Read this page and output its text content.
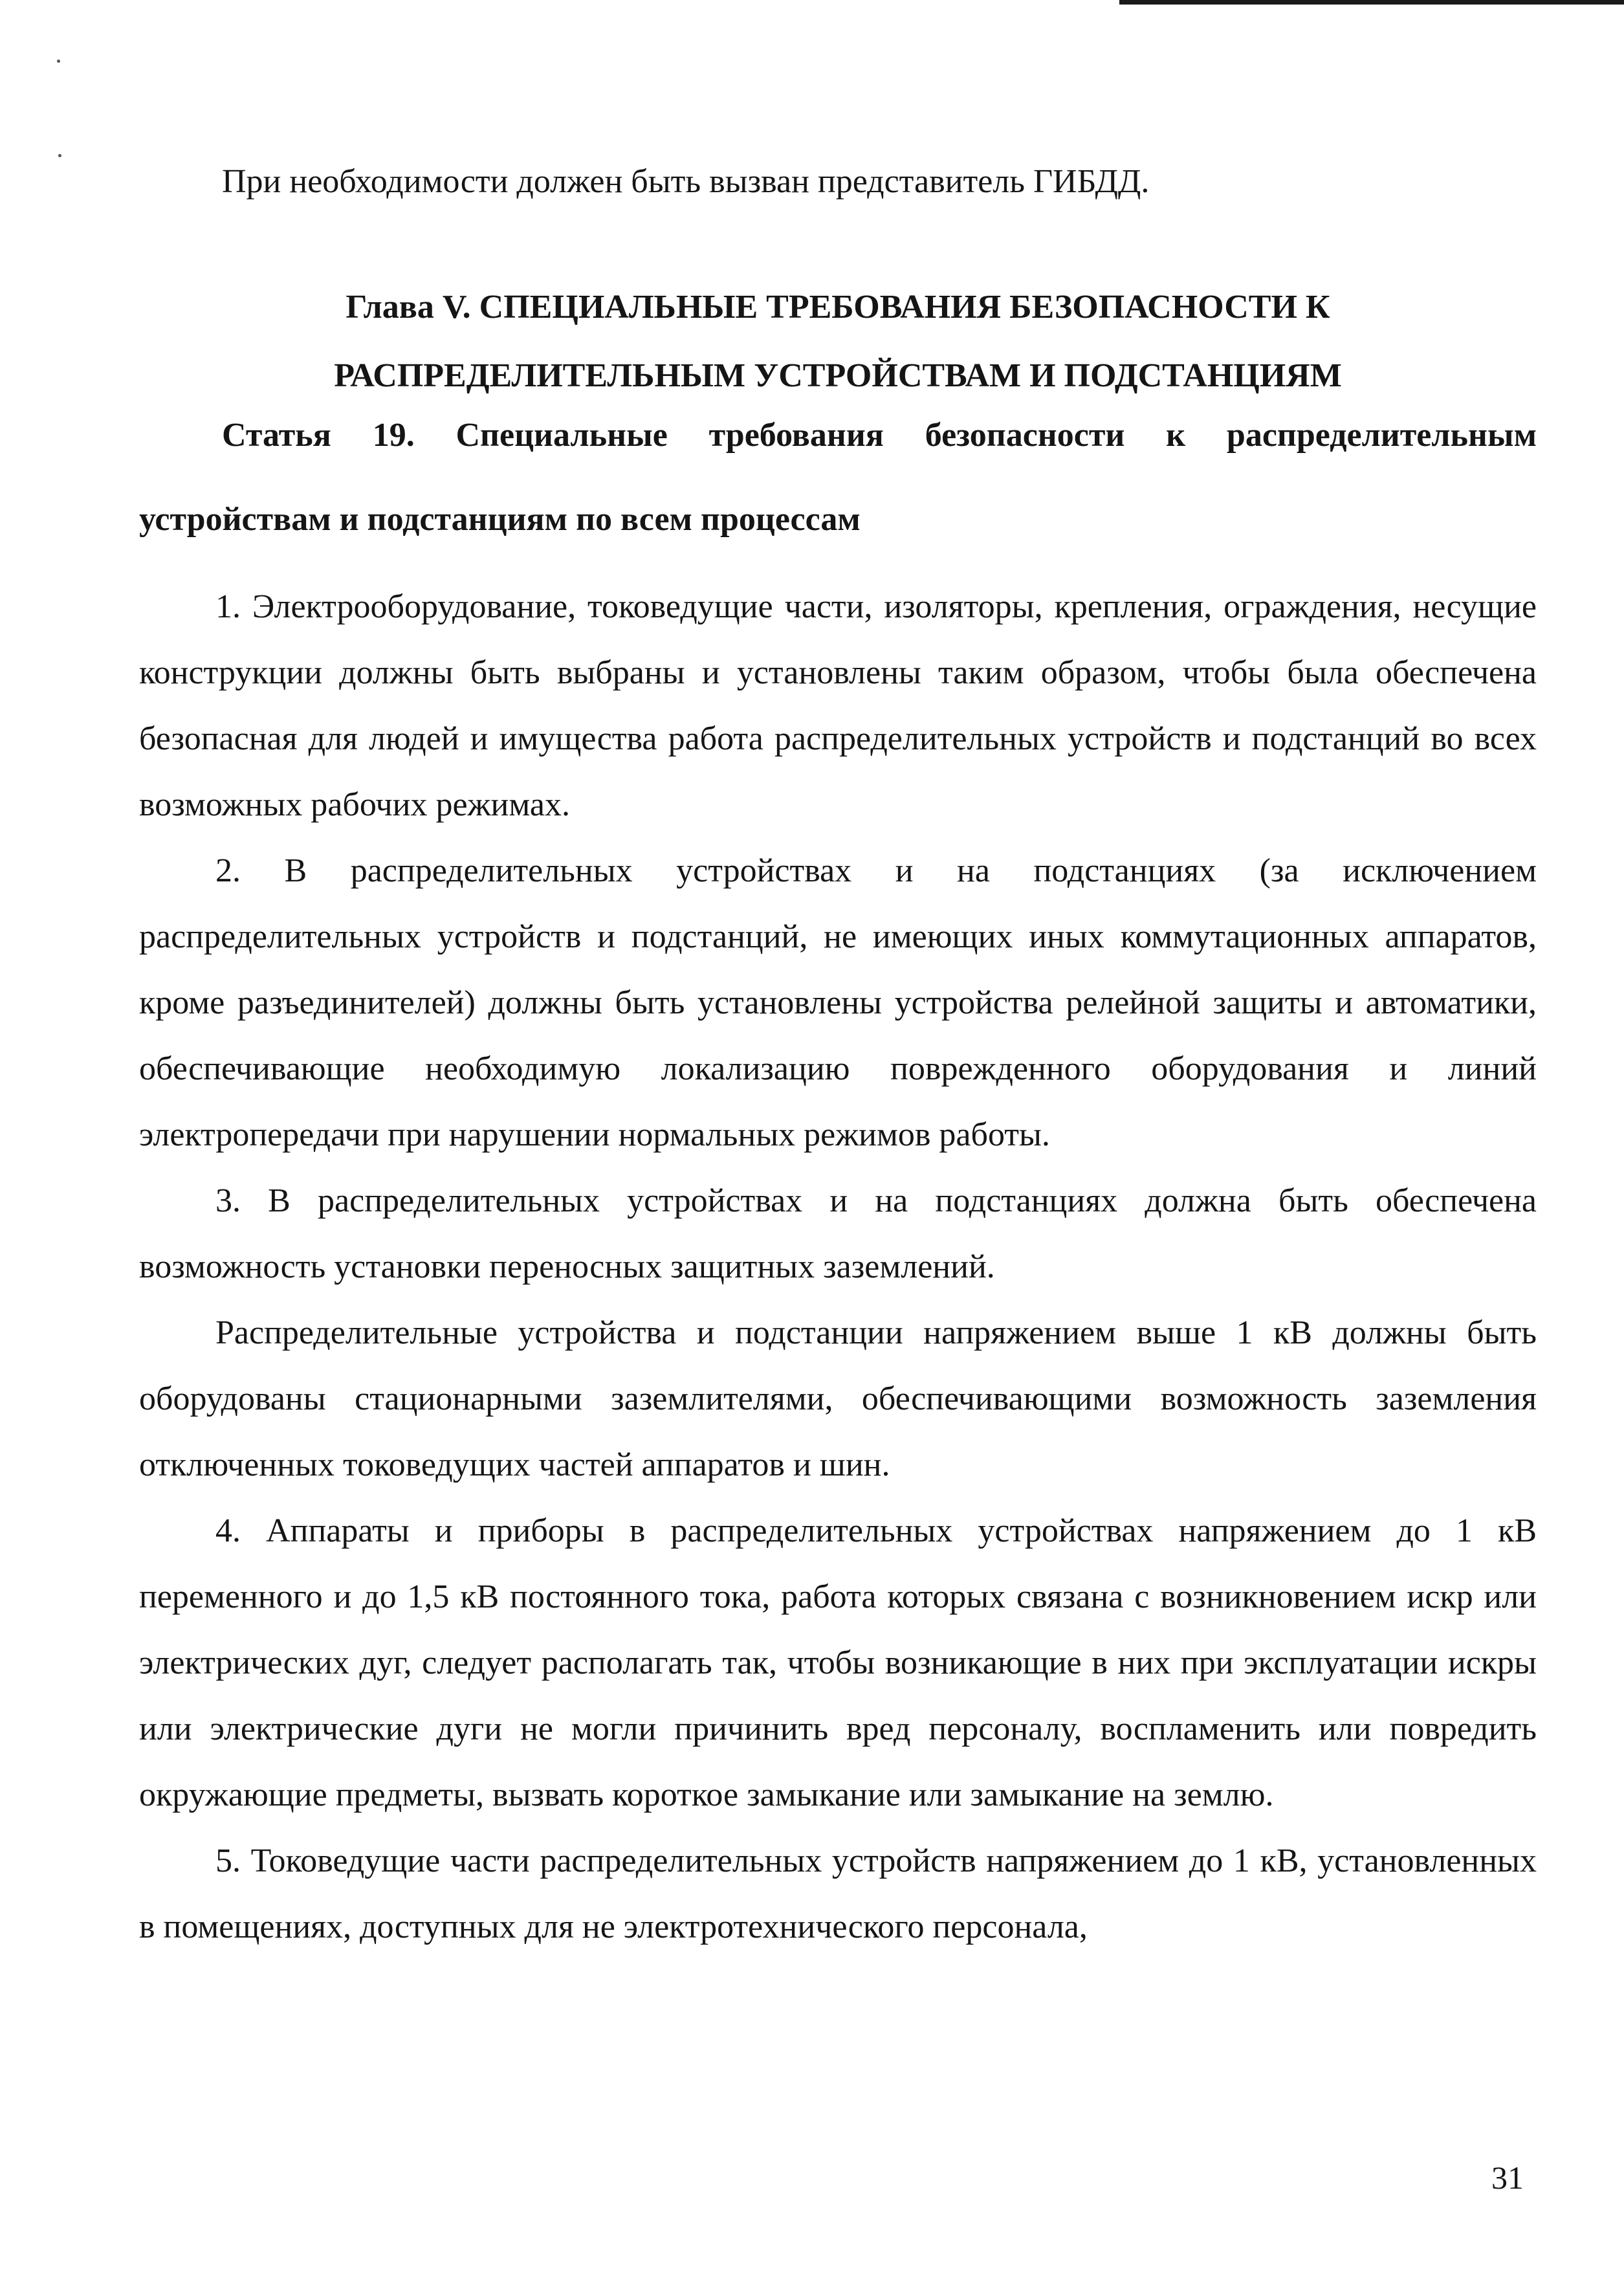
При необходимости должен быть вызван представитель ГИБДД.

Глава V. СПЕЦИАЛЬНЫЕ ТРЕБОВАНИЯ БЕЗОПАСНОСТИ К
РАСПРЕДЕЛИТЕЛЬНЫМ УСТРОЙСТВАМ И ПОДСТАНЦИЯМ
Статья 19. Специальные требования безопасности к распределительным
устройствам и подстанциям по всем процессам

1. Электрооборудование, токоведущие части, изоляторы, крепления, ограждения, несущие конструкции должны быть выбраны и установлены таким образом, чтобы была обеспечена безопасная для людей и имущества работа распределительных устройств и подстанций во всех возможных рабочих режимах.

2. В распределительных устройствах и на подстанциях (за исключением распределительных устройств и подстанций, не имеющих иных коммутационных аппаратов, кроме разъединителей) должны быть установлены устройства релейной защиты и автоматики, обеспечивающие необходимую локализацию поврежденного оборудования и линий электропередачи при нарушении нормальных режимов работы.

3. В распределительных устройствах и на подстанциях должна быть обеспечена возможность установки переносных защитных заземлений.

Распределительные устройства и подстанции напряжением выше 1 кВ должны быть оборудованы стационарными заземлителями, обеспечивающими возможность заземления отключенных токоведущих частей аппаратов и шин.

4. Аппараты и приборы в распределительных устройствах напряжением до 1 кВ переменного и до 1,5 кВ постоянного тока, работа которых связана с возникновением искр или электрических дуг, следует располагать так, чтобы возникающие в них при эксплуатации искры или электрические дуги не могли причинить вред персоналу, воспламенить или повредить окружающие предметы, вызвать короткое замыкание или замыкание на землю.

5. Токоведущие части распределительных устройств напряжением до 1 кВ, установленных в помещениях, доступных для не электротехнического персонала,

31
